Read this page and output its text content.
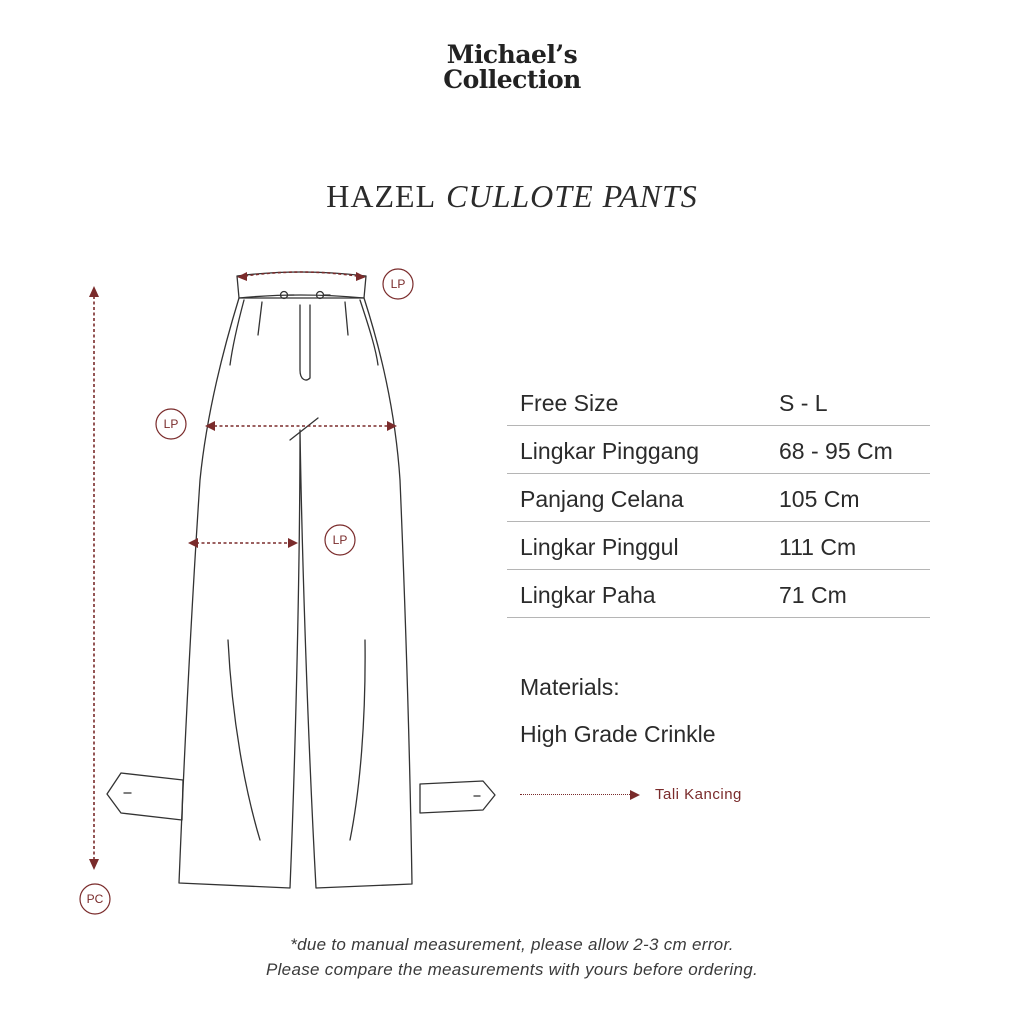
Michael’s
Collection
HAZEL CULLOTE PANTS
LP
LP
LP
PC
Free Size	S - L
Lingkar Pinggang	68 - 95 Cm
Panjang Celana	105 Cm
Lingkar Pinggul	111 Cm
Lingkar Paha	71 Cm
Materials:
High Grade Crinkle
Tali Kancing
*due to manual measurement, please allow 2-3 cm error.
Please compare the measurements with yours before ordering.
